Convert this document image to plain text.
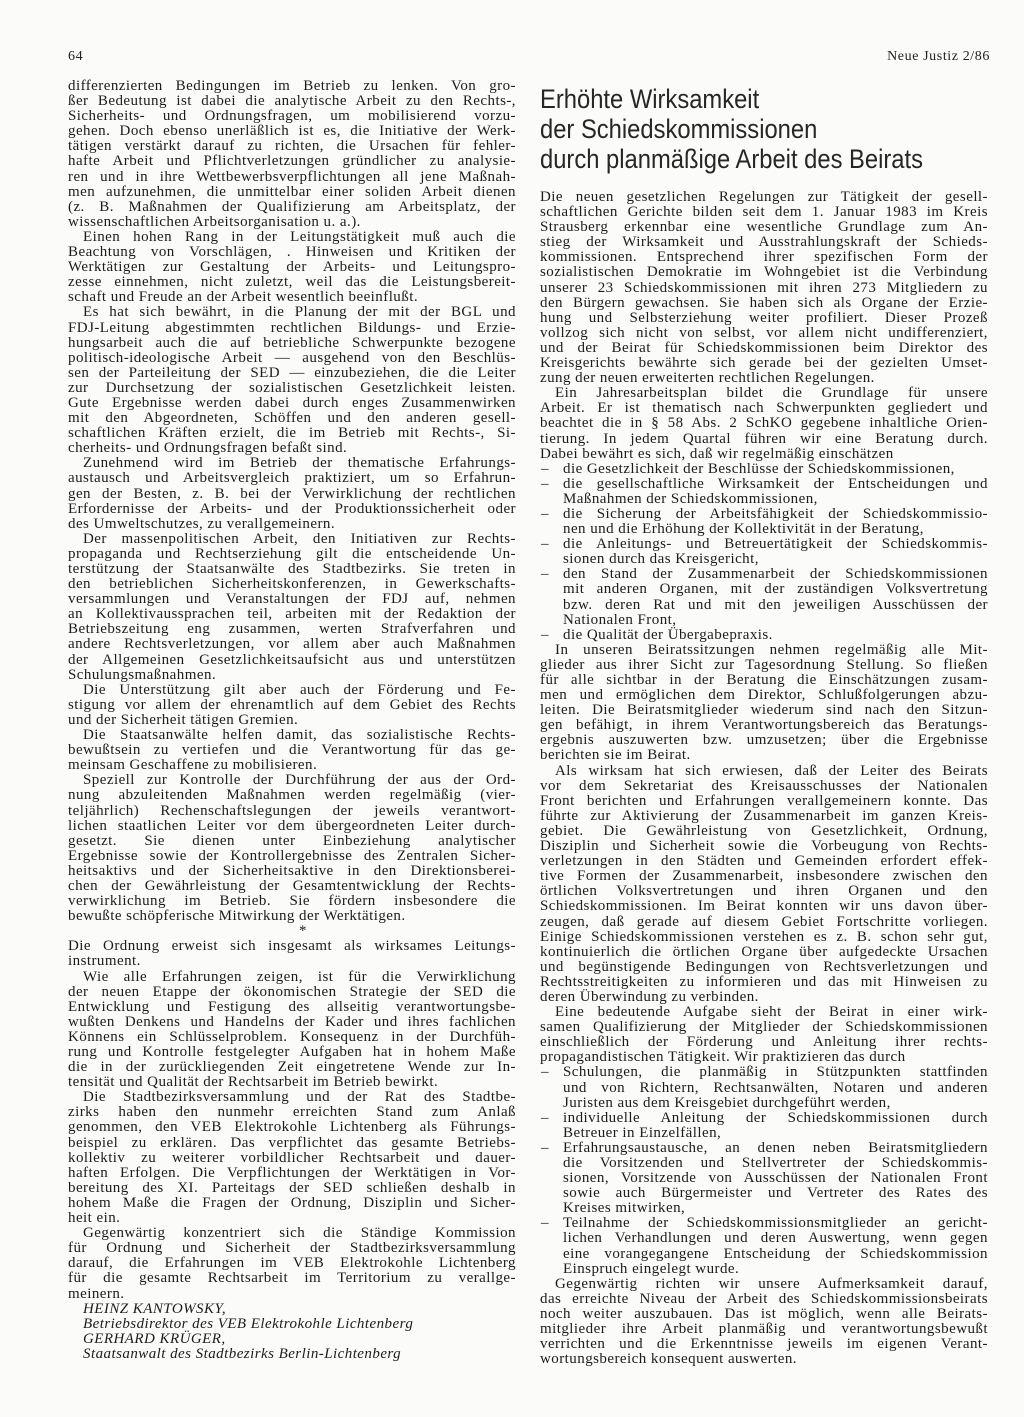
64	Neue Justiz 2/86
differenzierten Bedingungen im Betrieb zu lenken. Von gro-
ßer Bedeutung ist dabei die analytische Arbeit zu den Rechts-,
Sicherheits- und Ordnungsfragen, um mobilisierend vorzu-
gehen. Doch ebenso unerläßlich ist es, die Initiative der Werk-
tätigen verstärkt darauf zu richten, die Ursachen für fehler-
hafte Arbeit und Pflichtverletzungen gründlicher zu analysie-
ren und in ihre Wettbewerbsverpflichtungen all jene Maßnah-
men aufzunehmen, die unmittelbar einer soliden Arbeit dienen
(z. B. Maßnahmen der Qualifizierung am Arbeitsplatz, der
wissenschaftlichen Arbeitsorganisation u. a.).
Einen hohen Rang in der Leitungstätigkeit muß auch die
Beachtung von Vorschlägen, . Hinweisen und Kritiken der
Werktätigen zur Gestaltung der Arbeits- und Leitungspro-
zesse einnehmen, nicht zuletzt, weil das die Leistungsbereit-
schaft und Freude an der Arbeit wesentlich beeinflußt.
Es hat sich bewährt, in die Planung der mit der BGL und
FDJ-Leitung abgestimmten rechtlichen Bildungs- und Erzie-
hungsarbeit auch die auf betriebliche Schwerpunkte bezogene
politisch-ideologische Arbeit — ausgehend von den Beschlüs-
sen der Parteileitung der SED — einzubeziehen, die die Leiter
zur Durchsetzung der sozialistischen Gesetzlichkeit leisten.
Gute Ergebnisse werden dabei durch enges Zusammenwirken
mit den Abgeordneten, Schöffen und den anderen gesell-
schaftlichen Kräften erzielt, die im Betrieb mit Rechts-, Si-
cherheits- und Ordnungsfragen befaßt sind.
Zunehmend wird im Betrieb der thematische Erfahrungs-
austausch und Arbeitsvergleich praktiziert, um so Erfahrun-
gen der Besten, z. B. bei der Verwirklichung der rechtlichen
Erfordernisse der Arbeits- und der Produktionssicherheit oder
des Umweltschutzes, zu verallgemeinern.
Der massenpolitischen Arbeit, den Initiativen zur Rechts-
propaganda und Rechtserziehung gilt die entscheidende Un-
terstützung der Staatsanwälte des Stadtbezirks. Sie treten in
den betrieblichen Sicherheitskonferenzen, in Gewerkschafts-
versammlungen und Veranstaltungen der FDJ auf, nehmen
an Kollektivaussprachen teil, arbeiten mit der Redaktion der
Betriebszeitung eng zusammen, werten Strafverfahren und
andere Rechtsverletzungen, vor allem aber auch Maßnahmen
der Allgemeinen Gesetzlichkeitsaufsicht aus und unterstützen
Schulungsmaßnahmen.
Die Unterstützung gilt aber auch der Förderung und Fe-
stigung vor allem der ehrenamtlich auf dem Gebiet des Rechts
und der Sicherheit tätigen Gremien.
Die Staatsanwälte helfen damit, das sozialistische Rechts-
bewußtsein zu vertiefen und die Verantwortung für das ge-
meinsam Geschaffene zu mobilisieren.
Speziell zur Kontrolle der Durchführung der aus der Ord-
nung abzuleitenden Maßnahmen werden regelmäßig (vier-
teljährlich) Rechenschaftslegungen der jeweils verantwort-
lichen staatlichen Leiter vor dem übergeordneten Leiter durch-
gesetzt. Sie dienen unter Einbeziehung analytischer
Ergebnisse sowie der Kontrollergebnisse des Zentralen Sicher-
heitsaktivs und der Sicherheitsaktive in den Direktionsberei-
chen der Gewährleistung der Gesamtentwicklung der Rechts-
verwirklichung im Betrieb. Sie fördern insbesondere die
bewußte schöpferische Mitwirkung der Werktätigen.
*
Die Ordnung erweist sich insgesamt als wirksames Leitungs-
instrument.
Wie alle Erfahrungen zeigen, ist für die Verwirklichung
der neuen Etappe der ökonomischen Strategie der SED die
Entwicklung und Festigung des allseitig verantwortungsbe-
wußten Denkens und Handelns der Kader und ihres fachlichen
Könnens ein Schlüsselproblem. Konsequenz in der Durchfüh-
rung und Kontrolle festgelegter Aufgaben hat in hohem Maße
die in der zurückliegenden Zeit eingetretene Wende zur In-
tensität und Qualität der Rechtsarbeit im Betrieb bewirkt.
Die Stadtbezirksversammlung und der Rat des Stadtbe-
zirks haben den nunmehr erreichten Stand zum Anlaß
genommen, den VEB Elektrokohle Lichtenberg als Führungs-
beispiel zu erklären. Das verpflichtet das gesamte Betriebs-
kollektiv zu weiterer vorbildlicher Rechtsarbeit und dauer-
haften Erfolgen. Die Verpflichtungen der Werktätigen in Vor-
bereitung des XI. Parteitags der SED schließen deshalb in
hohem Maße die Fragen der Ordnung, Disziplin und Sicher-
heit ein.
Gegenwärtig konzentriert sich die Ständige Kommission
für Ordnung und Sicherheit der Stadtbezirksversammlung
darauf, die Erfahrungen im VEB Elektrokohle Lichtenberg
für die gesamte Rechtsarbeit im Territorium zu verallge-
meinern.
HEINZ KANTOWSKY,
Betriebsdirektor des VEB Elektrokohle Lichtenberg
GERHARD KRÜGER,
Staatsanwalt des Stadtbezirks Berlin-Lichtenberg
Erhöhte Wirksamkeit
der Schiedskommissionen
durch planmäßige Arbeit des Beirats
Die neuen gesetzlichen Regelungen zur Tätigkeit der gesell-
schaftlichen Gerichte bilden seit dem 1. Januar 1983 im Kreis
Strausberg erkennbar eine wesentliche Grundlage zum An-
stieg der Wirksamkeit und Ausstrahlungskraft der Schieds-
kommissionen. Entsprechend ihrer spezifischen Form der
sozialistischen Demokratie im Wohngebiet ist die Verbindung
unserer 23 Schiedskommissionen mit ihren 273 Mitgliedern zu
den Bürgern gewachsen. Sie haben sich als Organe der Erzie-
hung und Selbsterziehung weiter profiliert. Dieser Prozeß
vollzog sich nicht von selbst, vor allem nicht undifferenziert,
und der Beirat für Schiedskommissionen beim Direktor des
Kreisgerichts bewährte sich gerade bei der gezielten Umset-
zung der neuen erweiterten rechtlichen Regelungen.
Ein Jahresarbeitsplan bildet die Grundlage für unsere
Arbeit. Er ist thematisch nach Schwerpunkten gegliedert und
beachtet die in § 58 Abs. 2 SchKO gegebene inhaltliche Orien-
tierung. In jedem Quartal führen wir eine Beratung durch.
Dabei bewährt es sich, daß wir regelmäßig einschätzen
– die Gesetzlichkeit der Beschlüsse der Schiedskommissionen,
– die gesellschaftliche Wirksamkeit der Entscheidungen und
Maßnahmen der Schiedskommissionen,
– die Sicherung der Arbeitsfähigkeit der Schiedskommissio-
nen und die Erhöhung der Kollektivität in der Beratung,
– die Anleitungs- und Betreuertätigkeit der Schiedskommis-
sionen durch das Kreisgericht,
– den Stand der Zusammenarbeit der Schiedskommissionen
mit anderen Organen, mit der zuständigen Volksvertretung
bzw. deren Rat und mit den jeweiligen Ausschüssen der
Nationalen Front,
– die Qualität der Übergabepraxis.
In unseren Beiratssitzungen nehmen regelmäßig alle Mit-
glieder aus ihrer Sicht zur Tagesordnung Stellung. So fließen
für alle sichtbar in der Beratung die Einschätzungen zusam-
men und ermöglichen dem Direktor, Schlußfolgerungen abzu-
leiten. Die Beiratsmitglieder wiederum sind nach den Sitzun-
gen befähigt, in ihrem Verantwortungsbereich das Beratungs-
ergebnis auszuwerten bzw. umzusetzen; über die Ergebnisse
berichten sie im Beirat.
Als wirksam hat sich erwiesen, daß der Leiter des Beirats
vor dem Sekretariat des Kreisausschusses der Nationalen
Front berichten und Erfahrungen verallgemeinern konnte. Das
führte zur Aktivierung der Zusammenarbeit im ganzen Kreis-
gebiet. Die Gewährleistung von Gesetzlichkeit, Ordnung,
Disziplin und Sicherheit sowie die Vorbeugung von Rechts-
verletzungen in den Städten und Gemeinden erfordert effek-
tive Formen der Zusammenarbeit, insbesondere zwischen den
örtlichen Volksvertretungen und ihren Organen und den
Schiedskommissionen. Im Beirat konnten wir uns davon über-
zeugen, daß gerade auf diesem Gebiet Fortschritte vorliegen.
Einige Schiedskommissionen verstehen es z. B. schon sehr gut,
kontinuierlich die örtlichen Organe über aufgedeckte Ursachen
und begünstigende Bedingungen von Rechtsverletzungen und
Rechtsstreitigkeiten zu informieren und das mit Hinweisen zu
deren Überwindung zu verbinden.
Eine bedeutende Aufgabe sieht der Beirat in einer wirk-
samen Qualifizierung der Mitglieder der Schiedskommissionen
einschließlich der Förderung und Anleitung ihrer rechts-
propagandistischen Tätigkeit. Wir praktizieren das durch
– Schulungen, die planmäßig in Stützpunkten stattfinden
und von Richtern, Rechtsanwälten, Notaren und anderen
Juristen aus dem Kreisgebiet durchgeführt werden,
– individuelle Anleitung der Schiedskommissionen durch
Betreuer in Einzelfällen,
– Erfahrungsaustausche, an denen neben Beiratsmitgliedern
die Vorsitzenden und Stellvertreter der Schiedskommis-
sionen, Vorsitzende von Ausschüssen der Nationalen Front
sowie auch Bürgermeister und Vertreter des Rates des
Kreises mitwirken,
– Teilnahme der Schiedskommissionsmitglieder an gericht-
lichen Verhandlungen und deren Auswertung, wenn gegen
eine vorangegangene Entscheidung der Schiedskommission
Einspruch eingelegt wurde.
Gegenwärtig richten wir unsere Aufmerksamkeit darauf,
das erreichte Niveau der Arbeit des Schiedskommissionsbeirats
noch weiter auszubauen. Das ist möglich, wenn alle Beirats-
mitglieder ihre Arbeit planmäßig und verantwortungsbewußt
verrichten und die Erkenntnisse jeweils im eigenen Verant-
wortungsbereich konsequent auswerten.
